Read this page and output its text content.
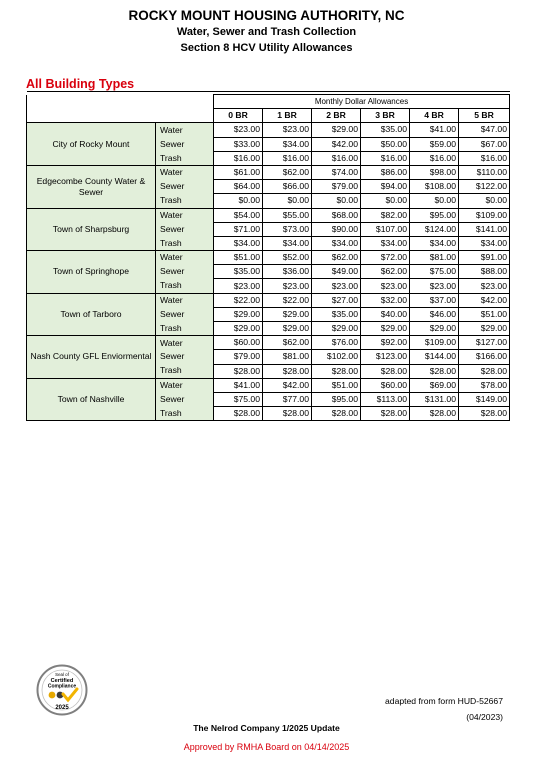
ROCKY MOUNT HOUSING AUTHORITY, NC
Water, Sewer and Trash Collection
Section 8 HCV Utility Allowances
All Building Types

		Monthly Dollar Allowances					
		0 BR	1 BR	2 BR	3 BR	4 BR	5 BR
City of Rocky Mount	Water	$23.00	$23.00	$29.00	$35.00	$41.00	$47.00
	Sewer	$33.00	$34.00	$42.00	$50.00	$59.00	$67.00
	Trash	$16.00	$16.00	$16.00	$16.00	$16.00	$16.00
Edgecombe County Water & Sewer	Water	$61.00	$62.00	$74.00	$86.00	$98.00	$110.00
	Sewer	$64.00	$66.00	$79.00	$94.00	$108.00	$122.00
	Trash	$0.00	$0.00	$0.00	$0.00	$0.00	$0.00
Town of Sharpsburg	Water	$54.00	$55.00	$68.00	$82.00	$95.00	$109.00
	Sewer	$71.00	$73.00	$90.00	$107.00	$124.00	$141.00
	Trash	$34.00	$34.00	$34.00	$34.00	$34.00	$34.00
Town of Springhope	Water	$51.00	$52.00	$62.00	$72.00	$81.00	$91.00
	Sewer	$35.00	$36.00	$49.00	$62.00	$75.00	$88.00
	Trash	$23.00	$23.00	$23.00	$23.00	$23.00	$23.00
Town of Tarboro	Water	$22.00	$22.00	$27.00	$32.00	$37.00	$42.00
	Sewer	$29.00	$29.00	$35.00	$40.00	$46.00	$51.00
	Trash	$29.00	$29.00	$29.00	$29.00	$29.00	$29.00
Nash County GFL Enviormental	Water	$60.00	$62.00	$76.00	$92.00	$109.00	$127.00
	Sewer	$79.00	$81.00	$102.00	$123.00	$144.00	$166.00
	Trash	$28.00	$28.00	$28.00	$28.00	$28.00	$28.00
Town of Nashville	Water	$41.00	$42.00	$51.00	$60.00	$69.00	$78.00
	Sewer	$75.00	$77.00	$95.00	$113.00	$131.00	$149.00
	Trash	$28.00	$28.00	$28.00	$28.00	$28.00	$28.00
Seal of
Certified
Compliance
2025
adapted from form HUD-52667
(04/2023)
The Nelrod Company 1/2025 Update
Approved by RMHA Board on 04/14/2025
